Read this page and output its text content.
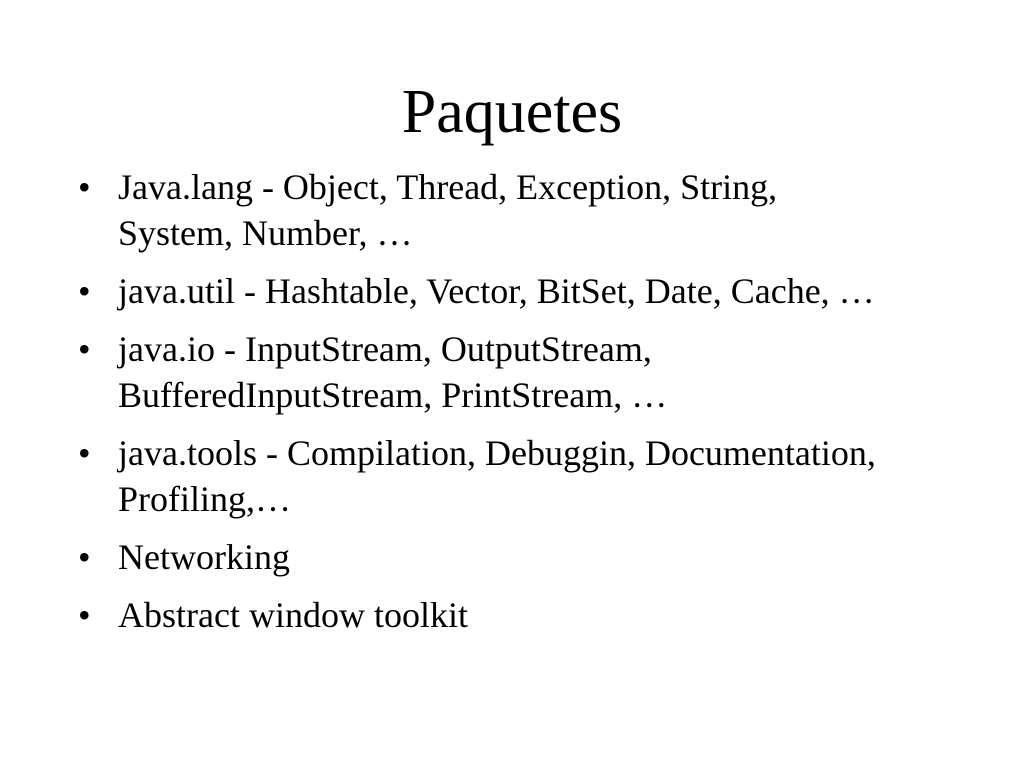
Paquetes
• Java.lang - Object, Thread, Exception, String,
System, Number, …
• java.util - Hashtable, Vector, BitSet, Date, Cache, …
• java.io - InputStream, OutputStream,
BufferedInputStream, PrintStream, …
• java.tools - Compilation, Debuggin, Documentation,
Profiling,…
• Networking
• Abstract window toolkit
